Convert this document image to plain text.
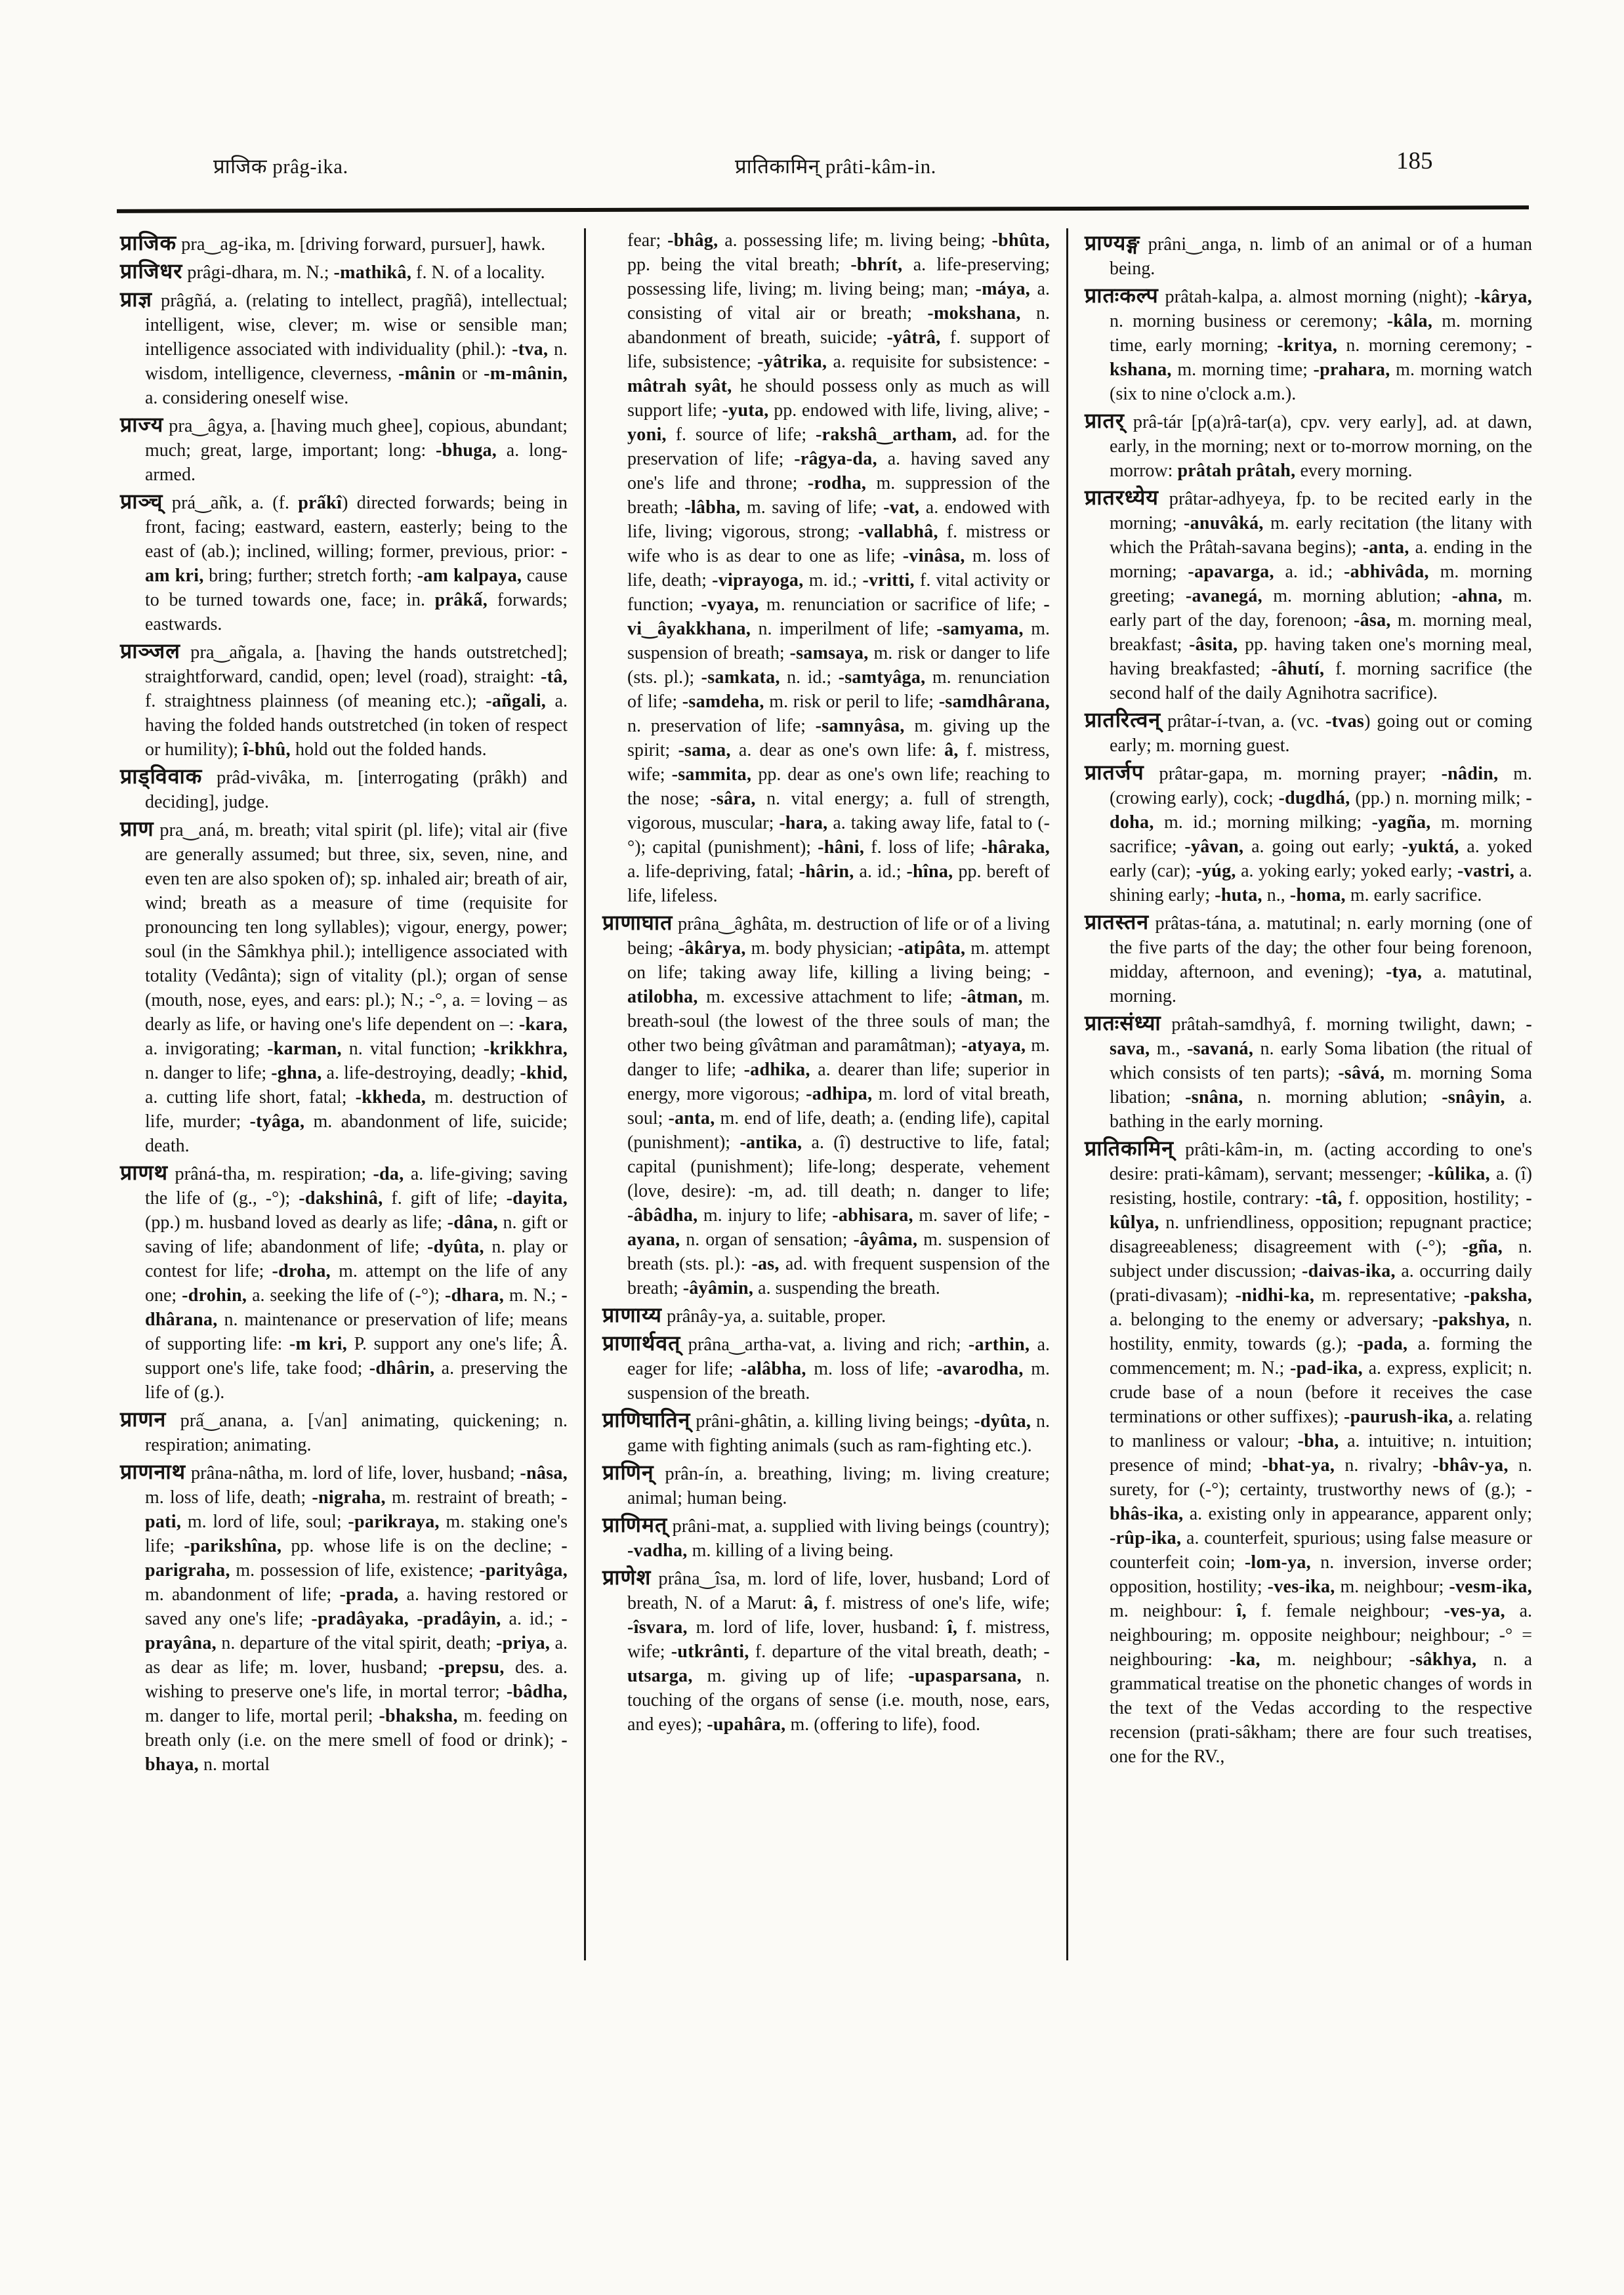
प्राजिक prâg-ika.	प्रातिकामिन् prâti-kâm-in.	185
प्राजिक pra‿ag-ika, m. [driving forward, pursuer], hawk.
प्राजिधर prâgi-dhara, m. N.; -mathikâ, f. N. of a locality.
प्राज्ञ prâgñá, a. (relating to intellect, pragñâ), intellectual; intelligent, wise, clever; m. wise or sensible man; intelligence associated with individuality (phil.): -tva, n. wisdom, intelligence, cleverness, -mânin or -m-mânin, a. considering oneself wise.
प्राज्य pra‿âgya, a. [having much ghee], copious, abundant; much; great, large, important; long: -bhuga, a. long-armed.
प्राञ्च् prá‿añk, a. (f. prấkî) directed forwards; being in front, facing; eastward, eastern, easterly; being to the east of (ab.); inclined, willing; former, previous, prior: -am kri, bring; further; stretch forth; -am kalpaya, cause to be turned towards one, face; in. prâkấ, forwards; eastwards.
प्राञ्जल pra‿añgala, a. [having the hands outstretched]; straightforward, candid, open; level (road), straight: -tâ, f. straightness plainness (of meaning etc.); -añgali, a. having the folded hands outstretched (in token of respect or humility); î-bhû, hold out the folded hands.
प्राड्विवाक prâd-vivâka, m. [interrogating (prâkh) and deciding], judge.
प्राण pra‿aná, m. breath; vital spirit (pl. life); vital air (five are generally assumed; but three, six, seven, nine, and even ten are also spoken of); sp. inhaled air; breath of air, wind; breath as a measure of time (requisite for pronouncing ten long syllables); vigour, energy, power; soul (in the Sâmkhya phil.); intelligence associated with totality (Vedânta); sign of vitality (pl.); organ of sense (mouth, nose, eyes, and ears: pl.); N.; -°, a. = loving – as dearly as life, or having one's life dependent on –: -kara, a. invigorating; -karman, n. vital function; -krikkhra, n. danger to life; -ghna, a. life-destroying, deadly; -khid, a. cutting life short, fatal; -kkheda, m. destruction of life, murder; -tyâga, m. abandonment of life, suicide; death.
प्राणथ prâná-tha, m. respiration; -da, a. life-giving; saving the life of (g., -°); -dakshinâ, f. gift of life; -dayita, (pp.) m. husband loved as dearly as life; -dâna, n. gift or saving of life; abandonment of life; -dyûta, n. play or contest for life; -droha, m. attempt on the life of any one; -drohin, a. seeking the life of (-°); -dhara, m. N.; -dhârana, n. maintenance or preservation of life; means of supporting life: -m kri, P. support any one's life; Â. support one's life, take food; -dhârin, a. preserving the life of (g.).
प्राणन prấ‿anana, a. [√an] animating, quickening; n. respiration; animating.
प्राणनाथ prâna-nâtha, m. lord of life, lover, husband; -nâsa, m. loss of life, death; -nigraha, m. restraint of breath; -pati, m. lord of life, soul; -parikraya, m. staking one's life; -parikshîna, pp. whose life is on the decline; -parigraha, m. possession of life, existence; -parityâga, m. abandonment of life; -prada, a. having restored or saved any one's life; -pradâyaka, -pradâyin, a. id.; -prayâna, n. departure of the vital spirit, death; -priya, a. as dear as life; m. lover, husband; -prepsu, des. a. wishing to preserve one's life, in mortal terror; -bâdha, m. danger to life, mortal peril; -bhaksha, m. feeding on breath only (i.e. on the mere smell of food or drink); -bhaya, n. mortal
fear; -bhâg, a. possessing life; m. living being; -bhûta, pp. being the vital breath; -bhrít, a. life-preserving; possessing life, living; m. living being; man; -máya, a. consisting of vital air or breath; -mokshana, n. abandonment of breath, suicide; -yâtrâ, f. support of life, subsistence; -yâtrika, a. requisite for subsistence: -mâtrah syât, he should possess only as much as will support life; -yuta, pp. endowed with life, living, alive; -yoni, f. source of life; -rakshâ‿artham, ad. for the preservation of life; -râgya-da, a. having saved any one's life and throne; -rodha, m. suppression of the breath; -lâbha, m. saving of life; -vat, a. endowed with life, living; vigorous, strong; -vallabhâ, f. mistress or wife who is as dear to one as life; -vinâsa, m. loss of life, death; -viprayoga, m. id.; -vritti, f. vital activity or function; -vyaya, m. renunciation or sacrifice of life; -vi‿âyakkhana, n. imperilment of life; -samyama, m. suspension of breath; -samsaya, m. risk or danger to life (sts. pl.); -samkata, n. id.; -samtyâga, m. renunciation of life; -samdeha, m. risk or peril to life; -samdhârana, n. preservation of life; -samnyâsa, m. giving up the spirit; -sama, a. dear as one's own life: â, f. mistress, wife; -sammita, pp. dear as one's own life; reaching to the nose; -sâra, n. vital energy; a. full of strength, vigorous, muscular; -hara, a. taking away life, fatal to (-°); capital (punishment); -hâni, f. loss of life; -hâraka, a. life-depriving, fatal; -hârin, a. id.; -hîna, pp. bereft of life, lifeless.
प्राणाघात prâna‿âghâta, m. destruction of life or of a living being; -âkârya, m. body physician; -atipâta, m. attempt on life; taking away life, killing a living being; -atilobha, m. excessive attachment to life; -âtman, m. breath-soul (the lowest of the three souls of man; the other two being gîvâtman and paramâtman); -atyaya, m. danger to life; -adhika, a. dearer than life; superior in energy, more vigorous; -adhipa, m. lord of vital breath, soul; -anta, m. end of life, death; a. (ending life), capital (punishment); -antika, a. (î) destructive to life, fatal; capital (punishment); life-long; desperate, vehement (love, desire): -m, ad. till death; n. danger to life; -âbâdha, m. injury to life; -abhisara, m. saver of life; -ayana, n. organ of sensation; -âyâma, m. suspension of breath (sts. pl.): -as, ad. with frequent suspension of the breath; -âyâmin, a. suspending the breath.
प्राणाय्य prânây-ya, a. suitable, proper.
प्राणार्थवत् prâna‿artha-vat, a. living and rich; -arthin, a. eager for life; -alâbha, m. loss of life; -avarodha, m. suspension of the breath.
प्राणिघातिन् prâni-ghâtin, a. killing living beings; -dyûta, n. game with fighting animals (such as ram-fighting etc.).
प्राणिन् prân-ín, a. breathing, living; m. living creature; animal; human being.
प्राणिमत् prâni-mat, a. supplied with living beings (country); -vadha, m. killing of a living being.
प्राणेश prâna‿îsa, m. lord of life, lover, husband; Lord of breath, N. of a Marut: â, f. mistress of one's life, wife; -îsvara, m. lord of life, lover, husband: î, f. mistress, wife; -utkrânti, f. departure of the vital breath, death; -utsarga, m. giving up of life; -upasparsana, n. touching of the organs of sense (i.e. mouth, nose, ears, and eyes); -upahâra, m. (offering to life), food.
प्राण्यङ्ग prâni‿anga, n. limb of an animal or of a human being.
प्रातःकल्प prâtah-kalpa, a. almost morning (night); -kârya, n. morning business or ceremony; -kâla, m. morning time, early morning; -kritya, n. morning ceremony; -kshana, m. morning time; -prahara, m. morning watch (six to nine o'clock a.m.).
प्रातर् prâ-tár [p(a)râ-tar(a), cpv. very early], ad. at dawn, early, in the morning; next or to-morrow morning, on the morrow: prâtah prâtah, every morning.
प्रातरध्येय prâtar-adhyeya, fp. to be recited early in the morning; -anuvâká, m. early recitation (the litany with which the Prâtah-savana begins); -anta, a. ending in the morning; -apavarga, a. id.; -abhivâda, m. morning greeting; -avanegá, m. morning ablution; -ahna, m. early part of the day, forenoon; -âsa, m. morning meal, breakfast; -âsita, pp. having taken one's morning meal, having breakfasted; -âhutí, f. morning sacrifice (the second half of the daily Agnihotra sacrifice).
प्रातरित्वन् prâtar-í-tvan, a. (vc. -tvas) going out or coming early; m. morning guest.
प्रातर्जप prâtar-gapa, m. morning prayer; -nâdin, m. (crowing early), cock; -dugdhá, (pp.) n. morning milk; -doha, m. id.; morning milking; -yagña, m. morning sacrifice; -yâvan, a. going out early; -yuktá, a. yoked early (car); -yúg, a. yoking early; yoked early; -vastri, a. shining early; -huta, n., -homa, m. early sacrifice.
प्रातस्तन prâtas-tána, a. matutinal; n. early morning (one of the five parts of the day; the other four being forenoon, midday, afternoon, and evening); -tya, a. matutinal, morning.
प्रातःसंध्या prâtah-samdhyâ, f. morning twilight, dawn; -sava, m., -savaná, n. early Soma libation (the ritual of which consists of ten parts); -sâvá, m. morning Soma libation; -snâna, n. morning ablution; -snâyin, a. bathing in the early morning.
प्रातिकामिन् prâti-kâm-in, m. (acting according to one's desire: prati-kâmam), servant; messenger; -kûlika, a. (î) resisting, hostile, contrary: -tâ, f. opposition, hostility; -kûlya, n. unfriendliness, opposition; repugnant practice; disagreeableness; disagreement with (-°); -gña, n. subject under discussion; -daivas-ika, a. occurring daily (prati-divasam); -nidhi-ka, m. representative; -paksha, a. belonging to the enemy or adversary; -pakshya, n. hostility, enmity, towards (g.); -pada, a. forming the commencement; m. N.; -pad-ika, a. express, explicit; n. crude base of a noun (before it receives the case terminations or other suffixes); -paurush-ika, a. relating to manliness or valour; -bha, a. intuitive; n. intuition; presence of mind; -bhat-ya, n. rivalry; -bhâv-ya, n. surety, for (-°); certainty, trustworthy news of (g.); -bhâs-ika, a. existing only in appearance, apparent only; -rûp-ika, a. counterfeit, spurious; using false measure or counterfeit coin; -lom-ya, n. inversion, inverse order; opposition, hostility; -ves-ika, m. neighbour; -vesm-ika, m. neighbour: î, f. female neighbour; -ves-ya, a. neighbouring; m. opposite neighbour; neighbour; -° = neighbouring: -ka, m. neighbour; -sâkhya, n. a grammatical treatise on the phonetic changes of words in the text of the Vedas according to the respective recension (prati-sâkham; there are four such treatises, one for the RV.,
